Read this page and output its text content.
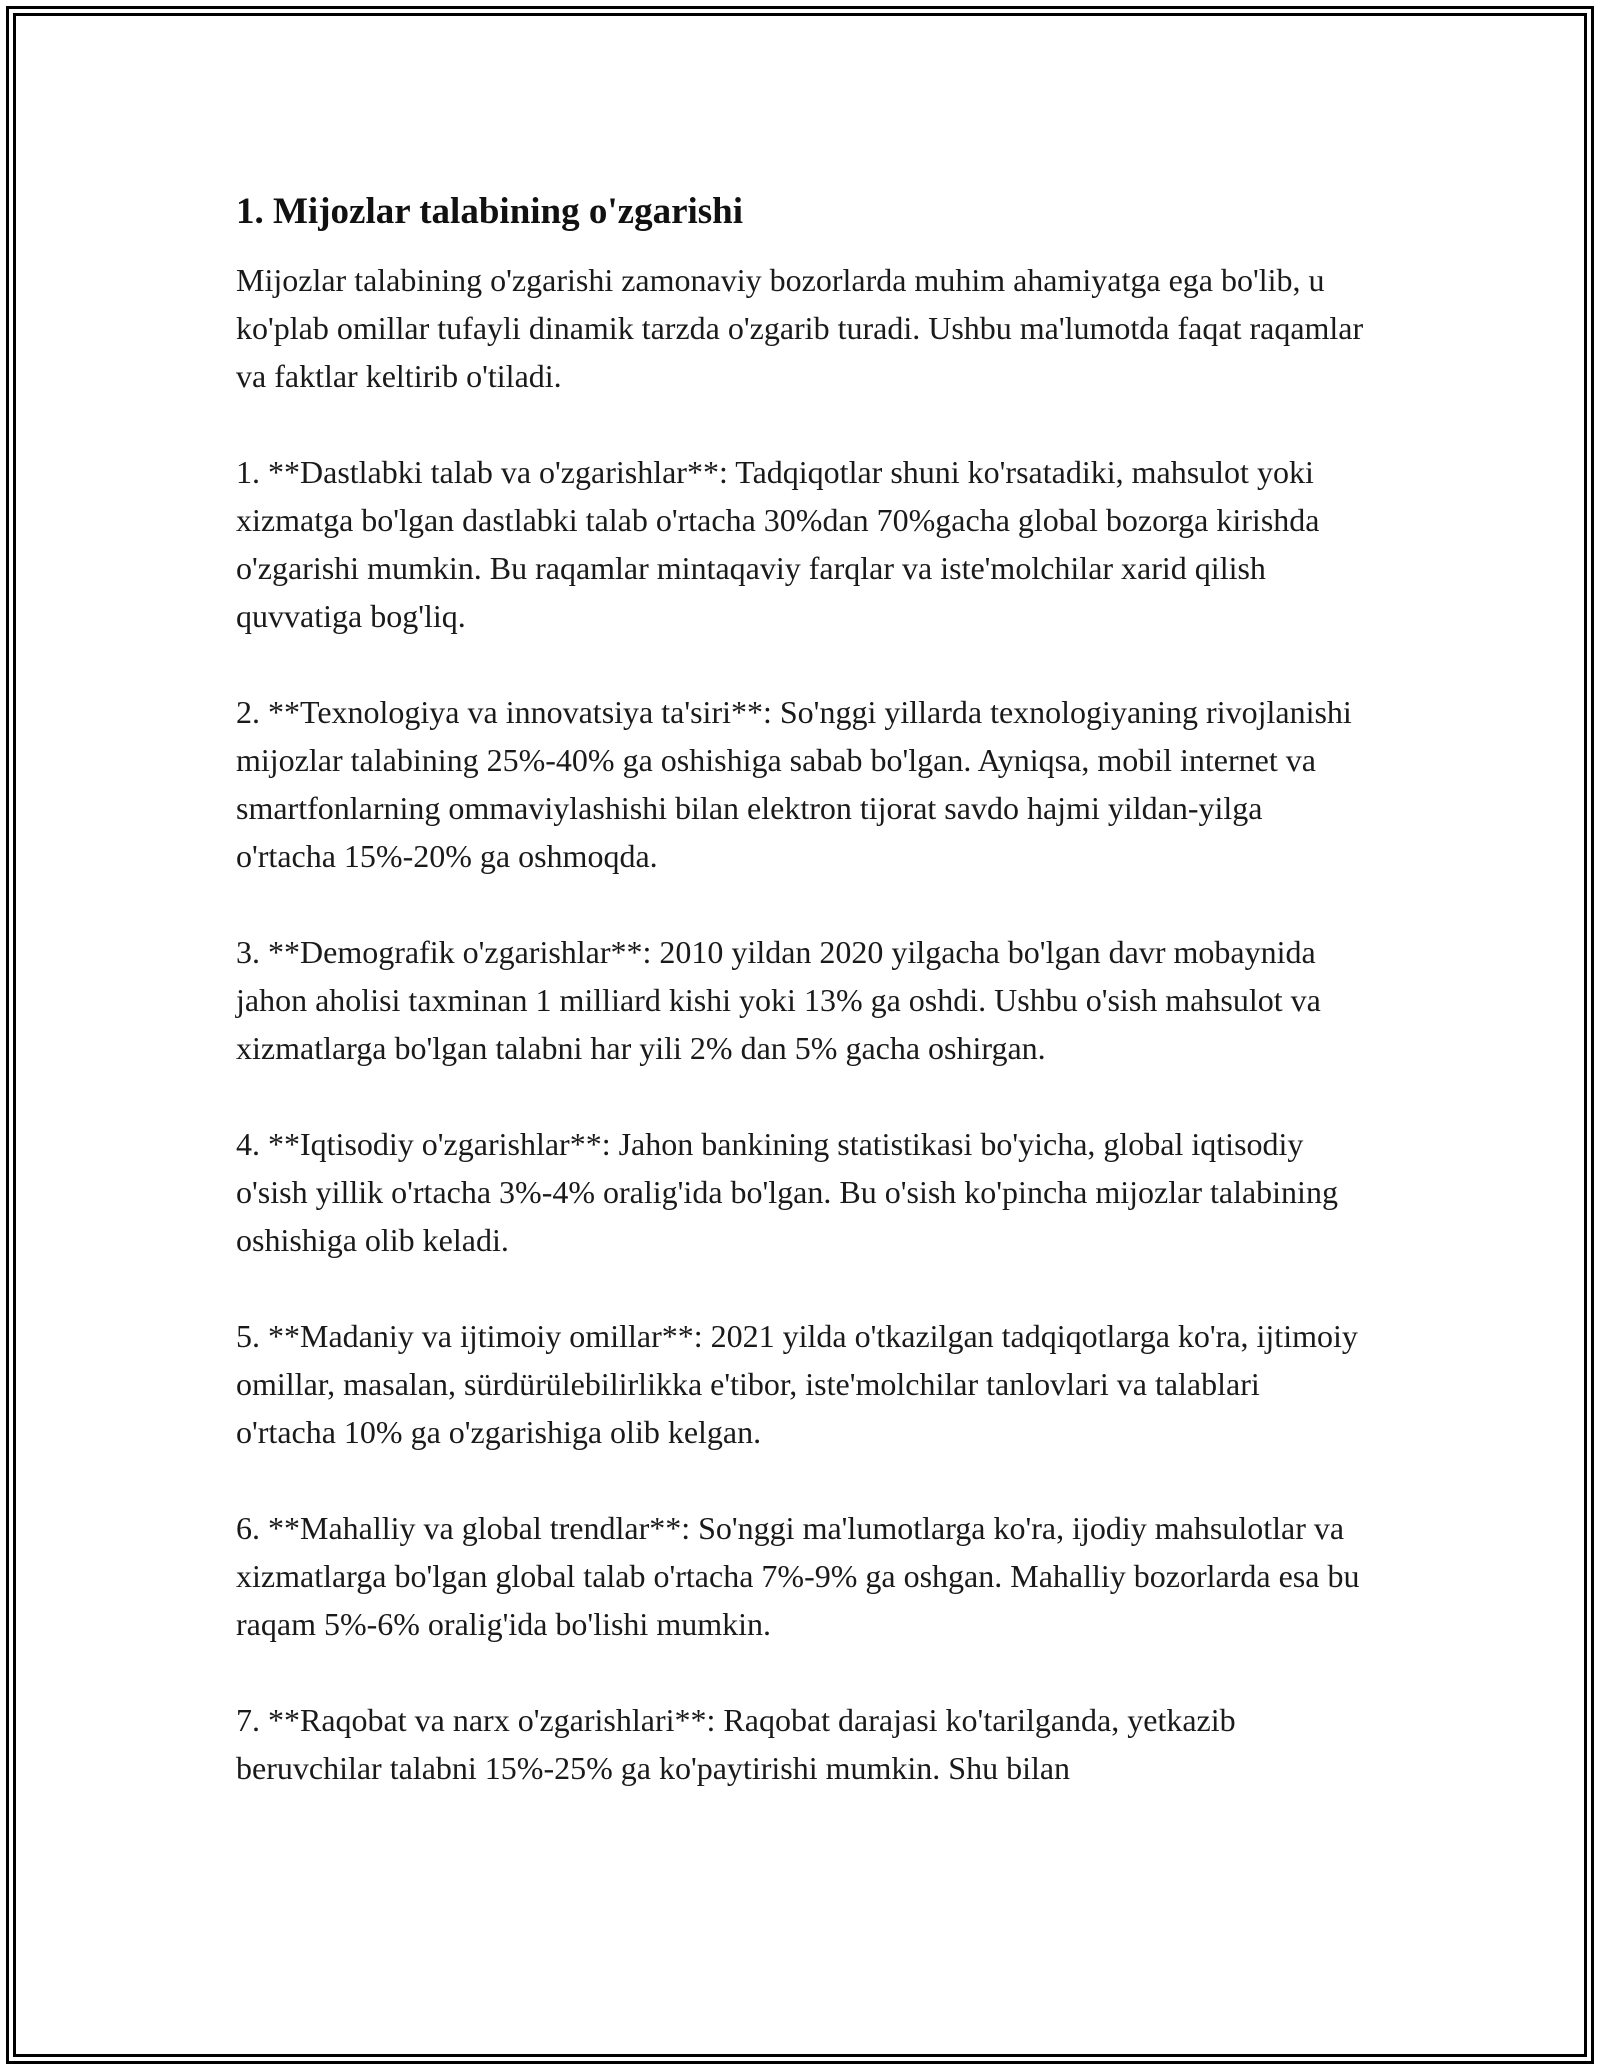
1. Mijozlar talabining o'zgarishi

Mijozlar talabining o'zgarishi zamonaviy bozorlarda muhim ahamiyatga ega bo'lib, u ko'plab omillar tufayli dinamik tarzda o'zgarib turadi. Ushbu ma'lumotda faqat raqamlar va faktlar keltirib o'tiladi.

1. **Dastlabki talab va o'zgarishlar**: Tadqiqotlar shuni ko'rsatadiki, mahsulot yoki xizmatga bo'lgan dastlabki talab o'rtacha 30%dan 70%gacha global bozorga kirishda o'zgarishi mumkin. Bu raqamlar mintaqaviy farqlar va iste'molchilar xarid qilish quvvatiga bog'liq.

2. **Texnologiya va innovatsiya ta'siri**: So'nggi yillarda texnologiyaning rivojlanishi mijozlar talabining 25%-40% ga oshishiga sabab bo'lgan. Ayniqsa, mobil internet va smartfonlarning ommaviylashishi bilan elektron tijorat savdo hajmi yildan-yilga o'rtacha 15%-20% ga oshmoqda.

3. **Demografik o'zgarishlar**: 2010 yildan 2020 yilgacha bo'lgan davr mobaynida jahon aholisi taxminan 1 milliard kishi yoki 13% ga oshdi. Ushbu o'sish mahsulot va xizmatlarga bo'lgan talabni har yili 2% dan 5% gacha oshirgan.

4. **Iqtisodiy o'zgarishlar**: Jahon bankining statistikasi bo'yicha, global iqtisodiy o'sish yillik o'rtacha 3%-4% oralig'ida bo'lgan. Bu o'sish ko'pincha mijozlar talabining oshishiga olib keladi.

5. **Madaniy va ijtimoiy omillar**: 2021 yilda o'tkazilgan tadqiqotlarga ko'ra, ijtimoiy omillar, masalan, sürdürülebilirlikka e'tibor, iste'molchilar tanlovlari va talablari o'rtacha 10% ga o'zgarishiga olib kelgan.

6. **Mahalliy va global trendlar**: So'nggi ma'lumotlarga ko'ra, ijodiy mahsulotlar va xizmatlarga bo'lgan global talab o'rtacha 7%-9% ga oshgan. Mahalliy bozorlarda esa bu raqam 5%-6% oralig'ida bo'lishi mumkin.

7. **Raqobat va narx o'zgarishlari**: Raqobat darajasi ko'tarilganda, yetkazib beruvchilar talabni 15%-25% ga ko'paytirishi mumkin. Shu bilan
